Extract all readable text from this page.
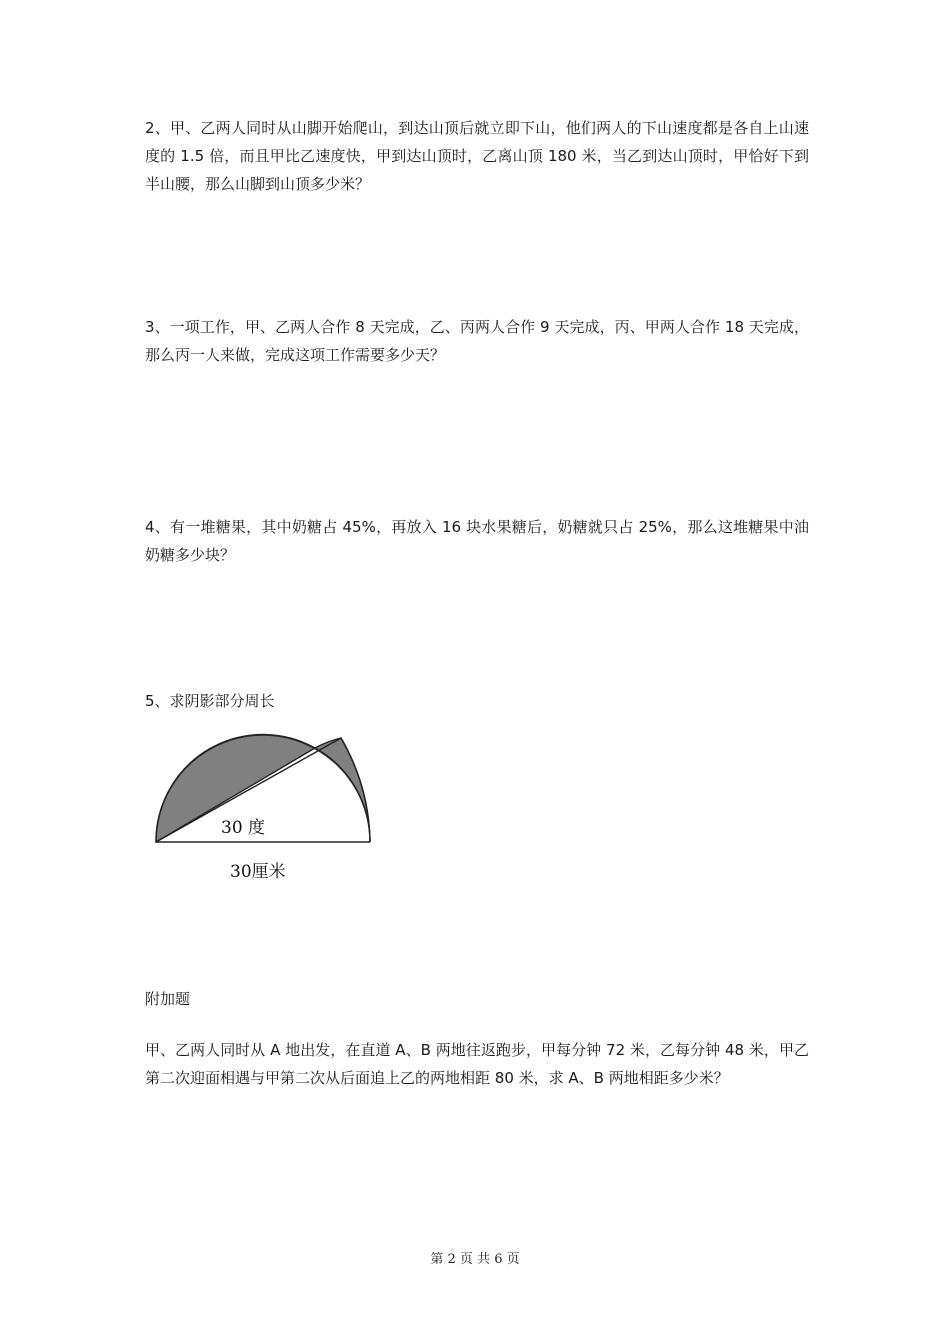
2、甲、乙两人同时从山脚开始爬山，到达山顶后就立即下山，他们两人的下山速度都是各自上山速度的 1.5 倍，而且甲比乙速度快，甲到达山顶时，乙离山顶 180 米，当乙到达山顶时，甲恰好下到半山腰，那么山脚到山顶多少米？

3、一项工作，甲、乙两人合作 8 天完成，乙、丙两人合作 9 天完成，丙、甲两人合作 18 天完成，那么丙一人来做，完成这项工作需要多少天？

4、有一堆糖果，其中奶糖占 45%，再放入 16 块水果糖后，奶糖就只占 25%，那么这堆糖果中油奶糖多少块？

5、求阴影部分周长

30 度
30厘米

附加题

甲、乙两人同时从 A 地出发，在直道 A、B 两地往返跑步，甲每分钟 72 米，乙每分钟 48 米，甲乙第二次迎面相遇与甲第二次从后面追上乙的两地相距 80 米，求 A、B 两地相距多少米？

第 2 页 共 6 页
